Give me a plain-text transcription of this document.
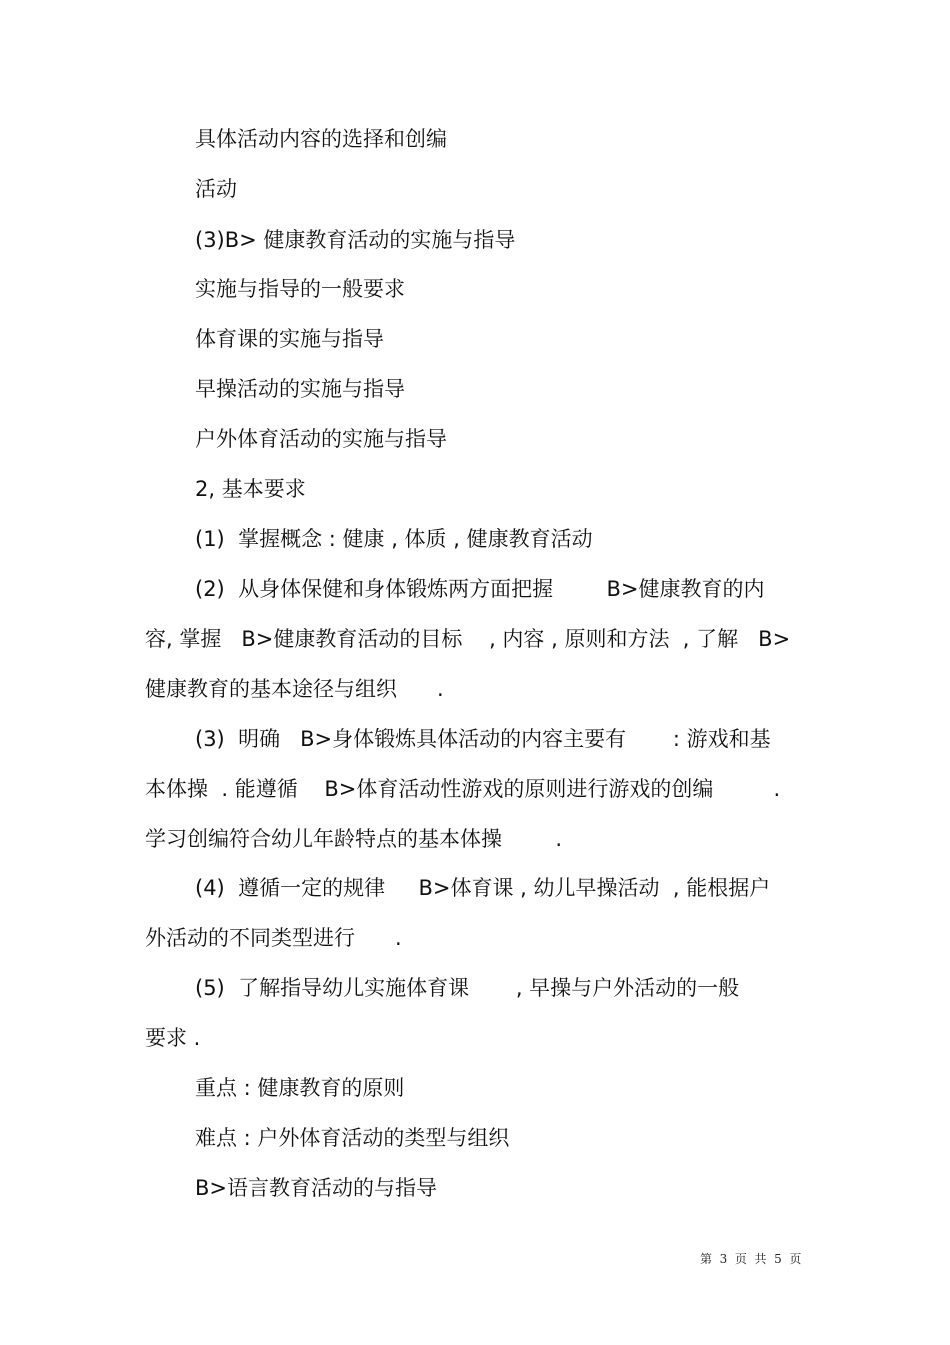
具体活动内容的选择和创编

活动

(3)B> 健康教育活动的实施与指导

实施与指导的一般要求

体育课的实施与指导

早操活动的实施与指导

户外体育活动的实施与指导

2, 基本要求

(1)  掌握概念 : 健康 , 体质 , 健康教育活动

(2)  从身体保健和身体锻炼两方面把握        B>健康教育的内

容, 掌握   B>健康教育活动的目标    , 内容 , 原则和方法  , 了解   B>

健康教育的基本途径与组织      .

(3)  明确   B>身体锻炼具体活动的内容主要有       : 游戏和基

本体操  . 能遵循    B>体育活动性游戏的原则进行游戏的创编         .

学习创编符合幼儿年龄特点的基本体操        .

(4)  遵循一定的规律     B>体育课 , 幼儿早操活动  , 能根据户

外活动的不同类型进行      .

(5)  了解指导幼儿实施体育课       , 早操与户外活动的一般

要求 .

重点 : 健康教育的原则

难点 : 户外体育活动的类型与组织

B>语言教育活动的与指导

第  3  页  共  5  页
